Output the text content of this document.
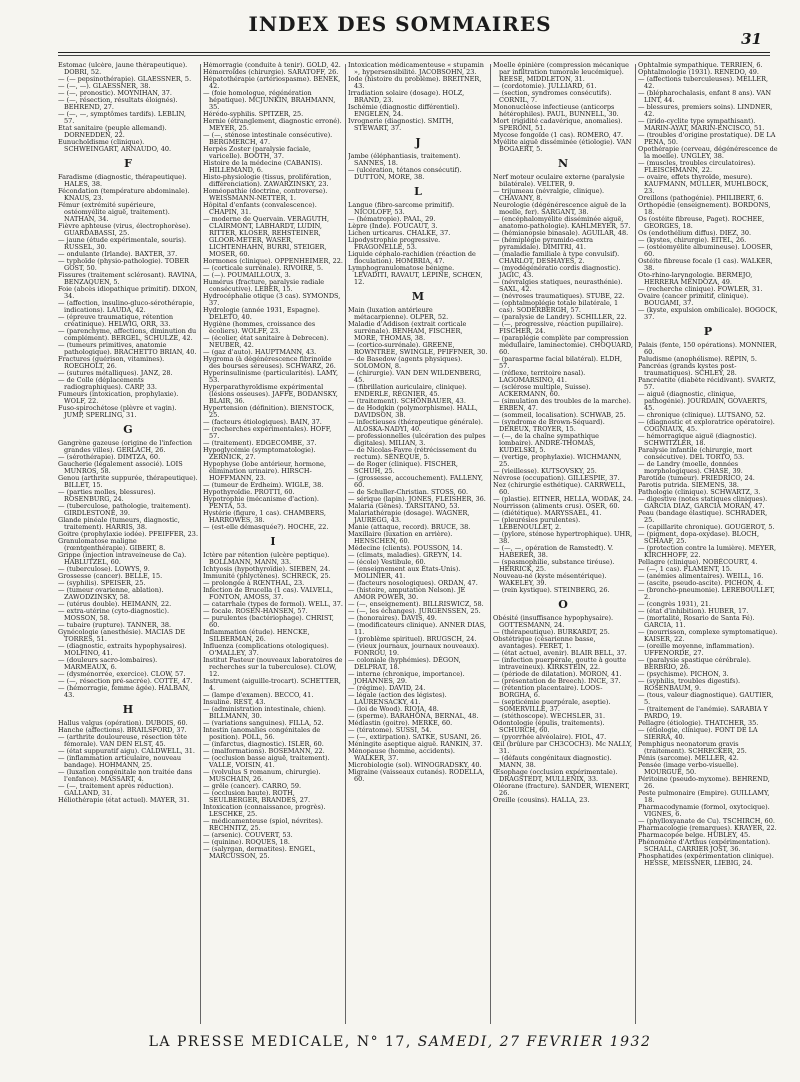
INDEX DES SOMMAIRES
31

Estomac (ulcère, jaune thérapeutique). DOBRI, 52.

— (— pepsinothérapie). GLAESSNER, 5.

— (—, —). GLAESSNER, 38.

— (—, pronostic). MOYNIHAN, 37.

— (—, résection, résultats éloignés). BEHREND, 27.

— (—, —, symptômes tardifs). LEBLIN, 57.

Etat sanitaire (peuple allemand). DORNEDDEN, 22.

Eunuchoïdisme (clinique). SCHWEINGART, ARNAUDO, 40.

F

Faradisme (diagnostic, thérapeutique). HALES, 38.

Fécondation (température abdominale). KNAUS, 23.

Fémur (extrémité supérieure, ostéomyélite aiguë, traitement). NATHAN, 34.

Fièvre aphteuse (virus, électrophorèse). GUARDABASSI, 25.

— jaune (étude expérimentale, souris). RUSSEL, 30.

— ondulante (Irlande). BAXTER, 37.

— typhoïde (physio-pathologie). TOBER GOST, 50.

Fissures (traitement sclérosant). RAVINA, BENZAQUEN, 5.

Foie (abcès idiopathique primitif). DIXON, 34.

— (affection, insulino-gluco-sérothérapie, indications). LAUDA, 42.

— (épreuve traumatique, rétention créatinique). HELWIG, ORR, 33.

— (parenchyme, affections, diminution du complément). BERGEL, SCHULZE, 42.

— (tumeurs primitives, anatomie pathologique). BRACHETTO BRIAN, 40.

Fractures (guérison, vitamines). ROEGHOLT, 26.

— (sutures métalliques). JANZ, 28.

— de Colle (déplacements radiographiques). CARP, 33.

Fumeurs (intoxication, prophylaxie). WOLF, 22.

Fuso-spirochétose (plèvre et vagin). JUMP, SPERLING, 31.

G

Gangrène gazeuse (origine de l'infection grandes villes). GERLACH, 26.

— (sérothérapie). DIMTZA, 60.

Gaucherie (légalement associé). LOIS MUNROS, 58.

Genou (arthrite suppurée, thérapeutique). BILLET, 15.

— (parties molles, blessures). ROSENBURG, 24.

— (tuberculose, pathologie, traitement). GIRDLESTONE, 39.

Glande pinéale (tumeurs, diagnostic, traitement). HARRIS, 38.

Goitre (prophylaxie iodée). PFEIFFER, 23.

Granulomatose maligne (rœntgenthérapie). GIBERT, 8.

Grippe (injection intraveineuse de Ca). HABLUTZEL, 60.

— (tuberculose). LOWYS, 9.

Grossesse (cancer). BELLE, 15.

— (syphilis). SPEISER, 25.

— (tumeur ovarienne, ablation). ZAWODZINSKY, 58.

— (utérus double). HEIMANN, 22.

— extra-utérine (cyto-diagnostic). MOSSON, 58.

— tubaire (rupture). TANNER, 38.

Gynécologie (anesthésie). MACIAS DE TORRES, 51.

— (diagnostic, extraits hypophysaires). MOLFINO, 41.

— (douleurs sacro-lombaires). MARMEAUX, 6.

— (dysménorrée, exercice). CLOW, 57.

— (—, résection pré-sacrée). COTTE, 47.

— (hémorragie, femme âgée). HALBAN, 43.

H

Hallus valgus (opération). DUBOIS, 60.

Hanche (affections). BRAILSFORD, 37.

— (arthrite douloureuse, résection tête fémorale). VAN DEN ELST, 45.

— (état suppuratif aigu). CALDWELL, 31.

— (inflammation articulaire, nouveau bandage). HOHMANN, 25.

— (luxation congénitale non traitée dans l'enfance). MASSART, 4.

— (—, traitement après réduction). GALLAND, 31.

Héliothérapie (état actuel). MAYER, 31.

Hémorragie (conduite à tenir). GOLD, 42.

Hémorroïdes (chirurgie). SARATOFF, 26.

Hépatothérapie (artériospasme). BENEK, 42.

— (foie homologue, régénération hépatique). MCJUNKIN, BRAHMANN, 35.

Hérédo-syphilis. SPITZER, 25.

Hernie (étranglement, diagnostic erroné). MEYER, 25.

— (—, sténose intestinale consécutive). BERGMERCH, 47.

Herpès Zoster (paralysie faciale, varicelle). BOOTH, 37.

Histoire de la médecine (CABANIS). HILLEMAND, 6.

Histo-physiologie (tissus, prolifération, différenciation). ZAWARZINSKY, 23.

Homéopathie (doctrine, controverse). WEISSMANN-NETTER, 1.

Hôpital d'enfants (convalescence). CHAPIN, 31.

— moderne de Quervain. VERAGUTH, CLAIRMONT, LABHARDT, LUDIN, RITTER, KLOSER, REHSTEINER, GLOOR-METER, WASER, LICHTENHAHN, BURRI, STEIGER, MOSER, 60.

Hormones (clinique). OPPENHEIMER, 22.

— (corticale surrénale). RIVOIRE, 5.

— (—). POUMAILLOUX, 3.

Humérus (fracture, paralysie radiale consécutive). LEBER, 15.

Hydrocéphalie otique (3 cas). SYMONDS, 37.

Hydrologie (année 1931, Espagne). DELETO, 40.

Hygiène (hommes, croissance des écoliers). WOLFF, 23.

— (écolier, état sanitaire à Debrecen). NEUBER, 42.

— (gaz d'auto). HAUPTMANN, 43.

Hygroma (à dégénérescence fibrinoïde des bourses séreuses). SCHWARZ, 26.

Hyperinsulinisme (particularités). LAMY, 53.

Hyperparathyroïdisme expérimental (lésions osseuses). JAFFE, BODANSKY, BLAIR, 36.

Hypertension (définition). BIENSTOCK, 25.

— (facteurs étiologiques). BAIN, 37.

— (recherches expérimentales). HOFF, 57.

— (traitement). EDGECOMBE, 37.

Hypoglycémie (symptomatologie). ZERNICK, 27.

Hypophyse (lobe antérieur, hormone, élimination urinaire). HIRSCH-HOFFMANN, 23.

— (tumeur de Erdheim). WIGLE, 38.

Hypothyroïdie. PROTTI, 60.

Hypotrophie (mécanisme d'action). PENTA, 53.

Hystérie (figure, 1 cas). CHAMBERS, HARROWES, 38.

— (est-elle démasquée?). HOCHE, 22.

I

Ictère par rétention (ulcère peptique). BOLLMANN, MANN, 33.

Ichtyosis (hypothyroïdie). SIEBEN, 24.

Immunité (phlyctènes). SCHRECK, 25.

— prolongée à RŒNTHAL, 23.

Infection de Brucella (1 cas). VALVELL, FONTON, AMOSS, 37.

— catarrhale (types de formol). WELL, 37.

— focale. ROSEN-HANSEN, 57.

— purulentes (bactériophage). CHRIST, 60.

Inflammation (étude). HENCKE, SILBERMAN, 26.

Influenza (complications otologiques). O'MALLEY, 37.

Institut Pasteur (nouveaux laboratoires de recherches sur la tuberculose). CLOW, 12.

Instrument (aiguille-trocart). SCHETTER, 4.

— (lampe d'examen). BECCO, 41.

Insuline. REST, 43.

— (administration intestinale, chien). BILLMANN, 30.

— (variations sanguines). FILLA, 52.

Intestin (anomalies congénitales de position). POLL, 56.

— (infarctus, diagnostic). ISLER, 60.

— (malformations). BOSEMANN, 22.

— (occlusion basse aiguë, traitement). VALLE, VOISIN, 41.

— (volvulus S romanum, chirurgie). MUSCHAIN, 26.

— grêle (cancer). CARRO, 59.

— (occlusion haute). ROTH, SEULBERGER, BRANDES, 27.

Intoxication (connaissance, progrès). LESCHKE, 25.

— médicamenteuse (spiol, névrites). RECHNITZ, 25.

— (arsenic). COUVERT, 53.

— (quinine). ROQUES, 18.

— (salyrgan, dermatites). ENGEL, MARCUSSON, 25.

Intoxication médicamenteuse « stupamin », hypersensibilité. JACOBSOHN, 23.

Iode (histoire du problème). BREITNER, 43.

Irradiation solaire (dosage). HOLZ, BRAND, 23.

Ischémie (diagnostic différentiel). ENGELEN, 24.

Ivrognerie (diagnostic). SMITH, STEWART, 37.

J

Jambe (éléphantiasis, traitement). SANNES, 18.

— (ulcération, tétanos consécutif). DUTTON, MORE, 38.

L

Langue (fibro-sarcome primitif). NICOLOFF, 53.

— (hématropie). PAAL, 29.

Lèpre (Inde). FOUCAUT, 3.

Lichen urticarus. CHALKE, 37.

Lipodystrophie progressive. FRAGONELLE, 53.

Liquide céphalo-rachidien (réaction de floculation). HOMBRIA, 47.

Lymphogranulomatose bénigne. LEVADITI, RAVAUT, LÉPINE, SCHŒN, 12.

M

Main (luxation antérieure métacarpienne). OLPER, 52.

Maladie d'Addison (extrait corticale surrénale). BENHAM, FISCHER, MORE, THOMAS, 38.

— (cortico-surrénale). GREENE, ROWNTREE, SWINGLE, PFIFFNER, 30.

— de Basedow (agents physiques). SOLOMON, 8.

— (chirurgie). VAN DEN WILDENBERG, 45.

— (fibrillation auriculaire, clinique). ENDERLE, RÉGNIER, 45.

— (traitement). SCHÖNBAUER, 43.

— de Hodgkin (polymorphisme). HALL, DAVIDSON, 38.

— infectieuses (thérapeutique générale). ALOSKA-NADYI, 40.

— professionnelles (ulcération des pulpes digitales). MILIAN, 3.

— de Nicolas-Favre (rétrécissement du rectum). SÉNÈQUE, 5.

— de Roger (clinique). FISCHER, SCHUH, 25.

— (grossesse, accouchement). FALLENY, 60.

— de Schuller-Christian. STOSS, 60.

— sérique (lapin). JONES, FLEISHER, 36.

Malaria (Gênes). TARSITANO, 53.

Malariathérapie (dosage). WAGNER, JAUREGG, 43.

Manie (attaque, record). BRUCE, 38.

Maxillaire (luxation en arrière). HENSCHEN, 60.

Médecine (clients). POUSSON, 14.

— (climats, maladies). GREYN, 14.

— (école) Vestibule, 60.

— (enseignement aux États-Unis). MOLINIER, 41.

— (facteurs nosologiques). ORDAN, 47.

— (histoire, amputation Nelson). JE AMOR POWER, 30.

— (—, enseignement). BILLRISWICZ, 58.

— (—, les échanges). JURGENSSEN, 25.

— (honoraires). DAVIS, 49.

— (modificateurs clinique). ANNER DIAS, 11.

— (problème spirituel). BRUGSCH, 24.

— (vieux journaux, journaux nouveaux). FONROU, 19.

— coloniale (hyphémies). DÉGON, DELPRAT, 18.

— interne (chronique, importance). JOHANNES, 29.

— (régime). DAVID, 24.

— légale (action des légistes). LAURENSACKY, 41.

— (loi de Wood). RIOJA, 48.

— (sperme). BARAHONA, BERNAL, 48.

Médiastin (goitre). MERKE, 60.

— (tératome). SUSSI, 54.

— (—, extirpation). SATKE, SUSANI, 26.

Méningite aseptique aiguë. RANKIN, 37.

Ménopause (homme, accidents). WALKER, 37.

Microbiologie (sol). WINOGRADSKY, 40.

Migraine (vaisseaux cutanés). RODELLA, 60.

Moelle épinière (compression mécanique par infiltration tumorale leucémique). REESE, MIDDLETON, 31.

— (cordotomie). JULLIARD, 61.

— (section, syndromes consécutifs). CORNIL, 7.

Mononucléose infectieuse (anticorps hétérophiles). PAUL, BUNNELL, 30.

Mort (rigidité cadavérique, anomalies). SPERONI, 51.

Mycose fongoïde (1 cas). ROMERO, 47.

Myélite aiguë disséminée (étiologie). VAN BOGAERT, 5.

N

Nerf moteur oculaire externe (paralysie bilatérale). VELTER, 9.

— trijumeau (névralgie, clinique). CHAVANY, 8.

Neurologie (dégénérescence aiguë de la moelle, fer). SARGANT, 38.

— (encéphalomyélite disséminée aiguë, anatomo-pathologie). KAHLMEYER, 57.

— (hémianopsie binasale). AGUILAR, 48.

— (hémiplégie pyramido-extra pyramidale). DIMITRI, 41.

— (maladie familiale à type convulsif). CHARLOT, DESHAYES, 2.

— (myodégénératio cordis diagnostic). JAGIC, 43.

— (névralgies statiques, neurasthénie). SAXL, 42.

— (névroses traumatiques). STUBE, 22.

— (ophtalmoplégie totale bilatérale, 1 cas). SODERBERGH, 57.

— (paralysie de Landry). SCHILLER, 22.

— (—, progressive, réaction pupillaire). FISCHER, 24.

— (paraplégie complète par compression médullaire, laminectomie). CHOQUARD, 60.

— (parasparme facial bilatéral). ELDH, 57.

— (réflexe, territoire nasal). LAGOMARSINO, 41.

— (sclérose multiple, Suisse). ACKERMANN, 60.

— (simulation des troubles de la marche). ERBEN, 47.

— (sommeil, localisation). SCHWAB, 25.

— (syndrome de Brown-Séquard). DEREUX, TROYER, 15.

— (—, de la chaîne sympathique lombaire). ANDRÉ-THOMAS, KUDELSKI, 5.

— (vertige, prophylaxie). WICHMANN, 25.

— (vieillesse). KUTSOVSKY, 25.

Névrose (occupation). GILLESPIE, 37.

Nez (chirurgie esthétique). CARRWELL, 60.

— (plastie). EITNER, HELLA, WODAK, 24.

Nourrisson (aliments crus). OSER, 60.

— (diététique). MARYSSAEL, 41.

— (pleurésies purulentes). LEBENOULLET, 2.

— (pylore, sténose hypertrophique). UHR, 38.

— (—, —, opération de Ramstedt). V. HABERER, 38.

— (spasmophilie, substance tiréuse). HERRICK, 25.

Nouveau-né (kyste mésentérique). WAKELEY, 39.

— (rein kystique). STEINBERG, 26.

O

Obésité (insuffisance hypophysaire). GOTTESMANN, 24.

— (thérapeutique). BURKARDT, 25.

Obstétrique (césarienne basse, avantages). FERET, 1.

— (état actuel, avenir). BLAIR BELL, 37.

— (infection puerpérale, goutte à goutte intraveineux). KIRKSTEIN, 22.

— (période de dilatation). MORON, 41.

— (présentation de Breech). INCE, 37.

— (rétention placentaire). LOOS-BORGHA, 6.

— (septicémie puerpérale, aseptie). SOMERVILLE, 37.

— (stéthoscope). WECHSLER, 31.

Odontologie (épulis, traitements). SCHURCH, 60.

— (pyorrhée alvéolaire). FIOL, 47.

Œil (brûlure par CH3COCH3). Mc NALLY, 31.

— (défauts congénitaux diagnostic). MANN, 38.

Œsophage (occlusion expérimentale). DRAGSTEDT, MULLENIX, 33.

Oléorane (fracture). SANDER, WIENERT, 26.

Oreille (cousins). HALLA, 23.

Ophtalmie sympathique. TERRIEN, 6.

Ophtalmologie (1931). RENEDO, 49.

— (affections tuberculeuses). MELLER, 42.

— (blépharochalasis, enfant 8 ans). VAN LINT, 44.

— blessures, premiers soins). LINDNER, 42.

— (irido-cyclite type sympathisant). MARIN-AYAT, MARIN-ENCISCO, 51.

— (troubles d'origine prostatique). DE LA PENA, 50.

Opothérapie (cerveau, dégénérescence de la moelle). UNGLEY, 38.

— (muscles, troubles circulatoires). FLEISCHMANN, 22.

— ovaire, effets thyroïde, mesure). KAUFMANN, MULLER, MUHLBOCK, 23.

Oreillons (pathogénie). PHILIBERT, 6.

Orthopédie (enseignement). BORDONS, 18.

Os (ostéite fibreuse, Paget). ROCHEE, GEORGES, 18.

Os (endothélium diffus). DIEZ, 30.

— (kystes, chirurgie). EITEL, 26.

— (ostéomyélite albumineuse). LOOSER, 60.

Ostéite fibreuse focale (1 cas). WALKER, 38.

Oto-rhino-laryngologie. BERMEJO, HERRERA MENDOZA, 49.

— (recherche clinique). FOWLER, 31.

Ovaire (cancer primitif, clinique). BOUGAMI, 37.

— (kyste, expulsion ombilicale). BOGOCK, 37.

P

Palais (fente, 150 opérations). MONNIER, 60.

Paludisme (anophélisme). RÉPIN, 5.

Pancréas (grands kystes post-traumatiques). SCHLEY, 28.

Pancréatite (diabète récidivant). SVARTZ, 57.

— aiguë (diagnostic, clinique, pathogénie). JOURDAIN, GOVAERTS, 45.

— chronique (clinique). LUTSANO, 52.

— (diagnostic et exploratrice opératoire). COGNIAUX, 45.

— hémorragique aiguë (diagnostic). SCHWITZLER, 18.

Paralysie infantile (chirurgie, mort consécutive). DEL TORTO, 53.

— de Landry (moelle, données morphologiques). CHASE, 39.

Parotide (tumeur). FRIEDRICO, 24.

Parotis putrida. SIEMENS, 38.

Pathologie (clinique). SCHWARTZ, 3.

— digestive (notes statiques cliniques). GARCIA DIAZ, GARCIA MORAN, 47.

Peau (bandage élastique). SCHRADER, 25.

— (capillarite chronique). GOUGEROT, 5.

— (pigment, dopa-oxydase). BLOCH, SCHAAF, 25.

— (protection contre la lumière). MEYER, KIRCHHOFF, 22.

Pellagre (clinique). NOBÉCOURT, 4.

— (—, 1 cas). FLAMENT, 15.

— (anémies alimentaires). WEILL, 16.

— (ascite, pseudo-ascite). PICHON, 4.

— (broncho-pneumonie). LEREBOULLET, 2.

— (congrès 1931), 21.

— (état d'inhibition). HUBER, 17.

— (mortalité, Rosario de Santa Fé). GARCIA, 11.

— (nourrisson, complexe symptomatique). KAISER, 22.

— (oreille moyenne, inflammation). UFFENORDE, 27.

— (paralysie spastique cérébrale). BERBRIO, 26.

— (psychisme). PICHON, 3.

— (syphilis, troubles digestifs). ROSENBAUM, 9.

— (tous, valeur diagnostique). GAUTIER, 5.

— (traitement de l'anémie). SARABIA Y PARDO, 19.

Pellagre (étiologie). THATCHER, 35.

— (étiologie, clinique). FONT DE LA SIERRA, 40.

Pemphigus neonatorum gravis (traitement). SCHRECKER, 25.

Pénis (sarcome). MELLER, 42.

Pensée (image verbo-visuelle). MOURGUE, 50.

Péritoine (pseudo-myxome). BEHREND, 26.

Peste pulmonaire (Empire). GUILLAMY, 18.

Pharmacodynamie (formol, oxytocique). VIGNES, 6.

— (phylloxyanate de Cu). TSCHIRCH, 60.

Pharmacologie (remarques). KRAYER, 22.

Pharmacopée belge. HUBLEY, 45.

Phénomène d'Arthus (expérimentation). SCHALL, CARRIER JOST, 36.

Phosphatides (expérimentation clinique). HESSE, MEISSNER, LIEBIG, 24.

LA PRESSE MEDICALE, N° 17, SAMEDI, 27 FEVRIER 1932
